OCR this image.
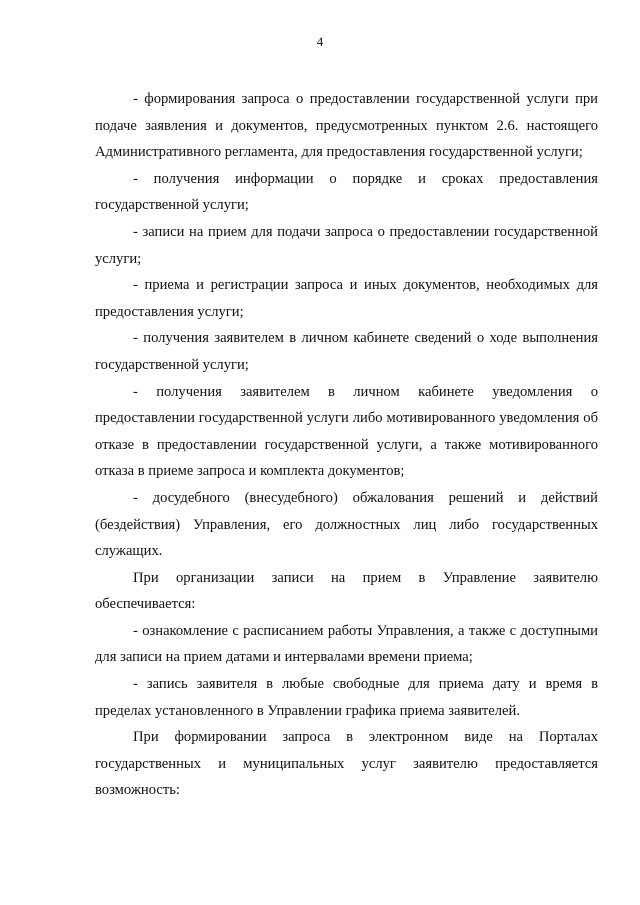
4

- формирования запроса о предоставлении государственной услуги при подаче заявления и документов, предусмотренных пунктом 2.6. настоящего Административного регламента, для предоставления государственной услуги;

- получения информации о порядке и сроках предоставления государственной услуги;

- записи на прием для подачи запроса о предоставлении государственной услуги;

- приема и регистрации запроса и иных документов, необходимых для предоставления услуги;

- получения заявителем в личном кабинете сведений о ходе выполнения государственной услуги;

- получения заявителем в личном кабинете уведомления о предоставлении государственной услуги либо мотивированного уведомления об отказе в предоставлении государственной услуги, а также мотивированного отказа в приеме запроса и комплекта документов;

- досудебного (внесудебного) обжалования решений и действий (бездействия) Управления, его должностных лиц либо государственных служащих.

При организации записи на прием в Управление заявителю обеспечивается:

- ознакомление с расписанием работы Управления, а также с доступными для записи на прием датами и интервалами времени приема;

- запись заявителя в любые свободные для приема дату и время в пределах установленного в Управлении графика приема заявителей.

При формировании запроса в электронном виде на Порталах государственных и муниципальных услуг заявителю предоставляется возможность:
